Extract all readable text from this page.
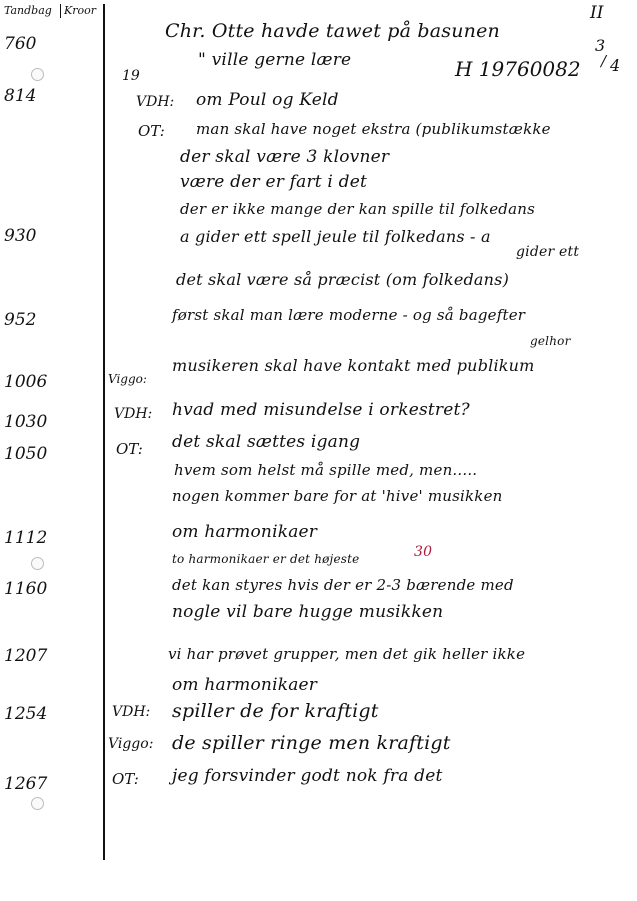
Tandbag Kroor	II
3
/ 4
H 19760082
19
760
814
930
952
1006
1030
1050
1112
1160
1207
1254
1267
VDH:
OT:
Viggo:
VDH:
OT:
VDH:
Viggo:
OT:
Chr. Otte havde tawet på basunen
" ville gerne lære
om Poul og Keld
man skal have noget ekstra (publikumstække
der skal være 3 klovner
være der er fart i det
der er ikke mange der kan spille til folkedans
a gider ett spell jeule til folkedans - a
gider ett
det skal være så præcist (om folkedans)
først skal man lære moderne - og så bagefter
gelhor
musikeren skal have kontakt med publikum
hvad med misundelse i orkestret?
det skal sættes igang
hvem som helst må spille med, men.....
nogen kommer bare for at 'hive' musikken
om harmonikaer
to harmonikaer er det højeste	30
det kan styres hvis der er 2-3 bærende med
nogle vil bare hugge musikken
vi har prøvet grupper, men det gik heller ikke
om harmonikaer
spiller de for kraftigt
de spiller ringe men kraftigt
jeg forsvinder godt nok fra det
